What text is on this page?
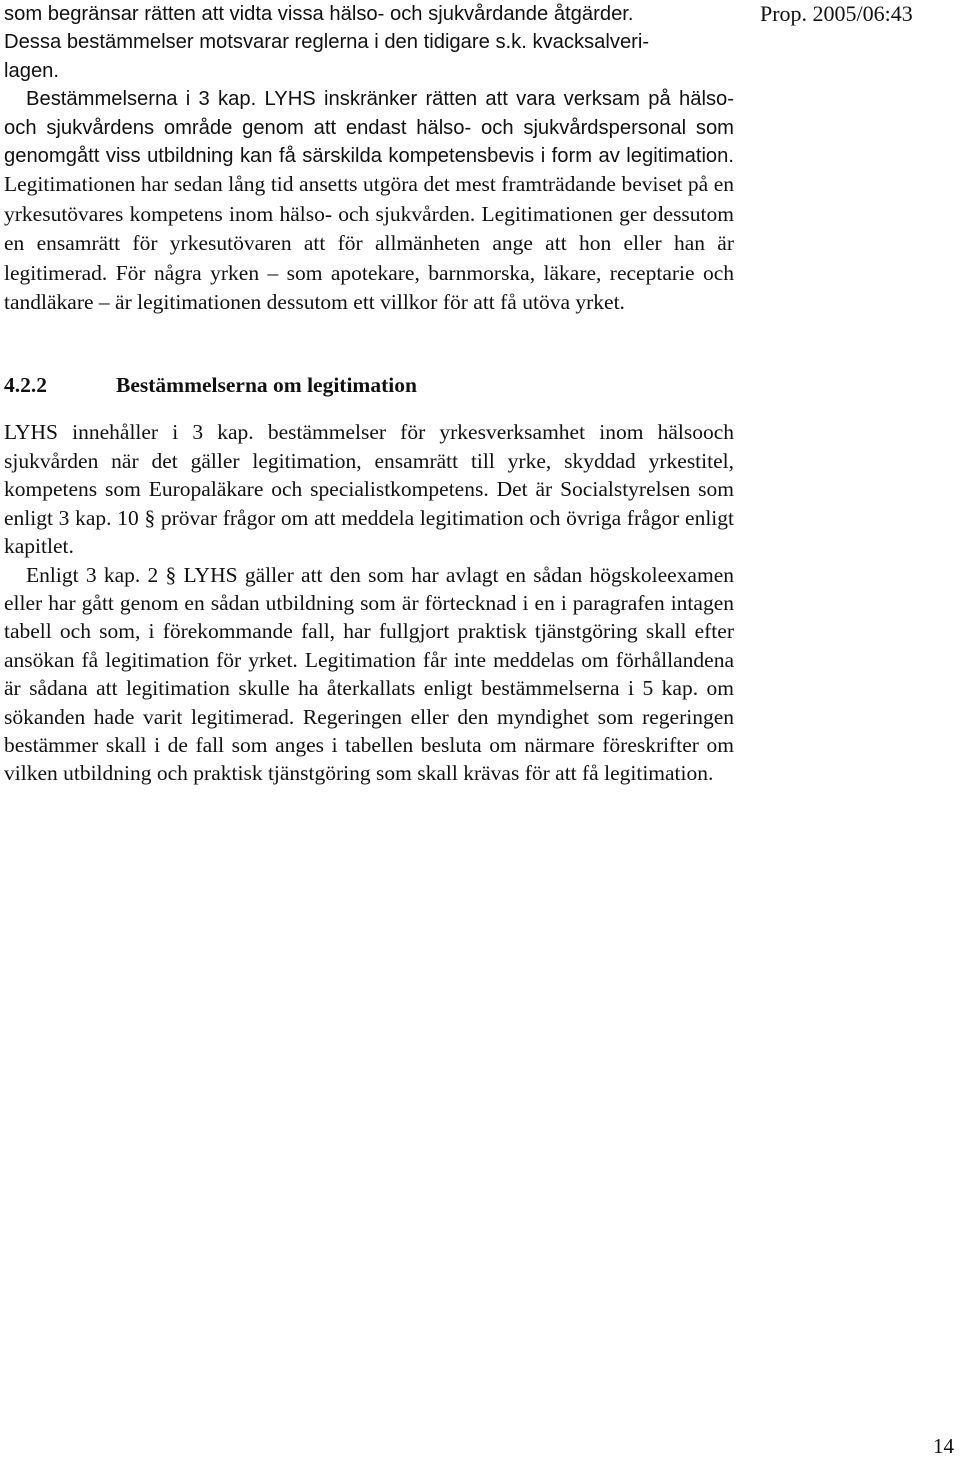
Prop. 2005/06:43

som begränsar rätten att vidta vissa hälso- och sjukvårdande åtgärder.
Dessa bestämmelser motsvarar reglerna i den tidigare s.k. kvacksalveri-
lagen.

Bestämmelserna i 3 kap. LYHS inskränker rätten att vara verksam på hälso- och sjukvårdens område genom att endast hälso- och sjukvårdspersonal som genomgått viss utbildning kan få särskilda kompetensbevis i form av legitimation. Legitimationen har sedan lång tid ansetts utgöra det mest framträdande beviset på en yrkesutövares kompetens inom hälso- och sjukvården. Legitimationen ger dessutom en ensamrätt för yrkesutövaren att för allmänheten ange att hon eller han är legitimerad. För några yrken – som apotekare, barnmorska, läkare, receptarie och tandläkare – är legitimationen dessutom ett villkor för att få utöva yrket.

4.2.2	Bestämmelserna om legitimation

LYHS innehåller i 3 kap. bestämmelser för yrkesverksamhet inom hälsooch sjukvården när det gäller legitimation, ensamrätt till yrke, skyddad yrkestitel, kompetens som Europaläkare och specialistkompetens. Det är Socialstyrelsen som enligt 3 kap. 10 § prövar frågor om att meddela legitimation och övriga frågor enligt kapitlet.

Enligt 3 kap. 2 § LYHS gäller att den som har avlagt en sådan högskoleexamen eller har gått genom en sådan utbildning som är förtecknad i en i paragrafen intagen tabell och som, i förekommande fall, har fullgjort praktisk tjänstgöring skall efter ansökan få legitimation för yrket. Legitimation får inte meddelas om förhållandena är sådana att legitimation skulle ha återkallats enligt bestämmelserna i 5 kap. om sökanden hade varit legitimerad. Regeringen eller den myndighet som regeringen bestämmer skall i de fall som anges i tabellen besluta om närmare föreskrifter om vilken utbildning och praktisk tjänstgöring som skall krävas för att få legitimation.

14
